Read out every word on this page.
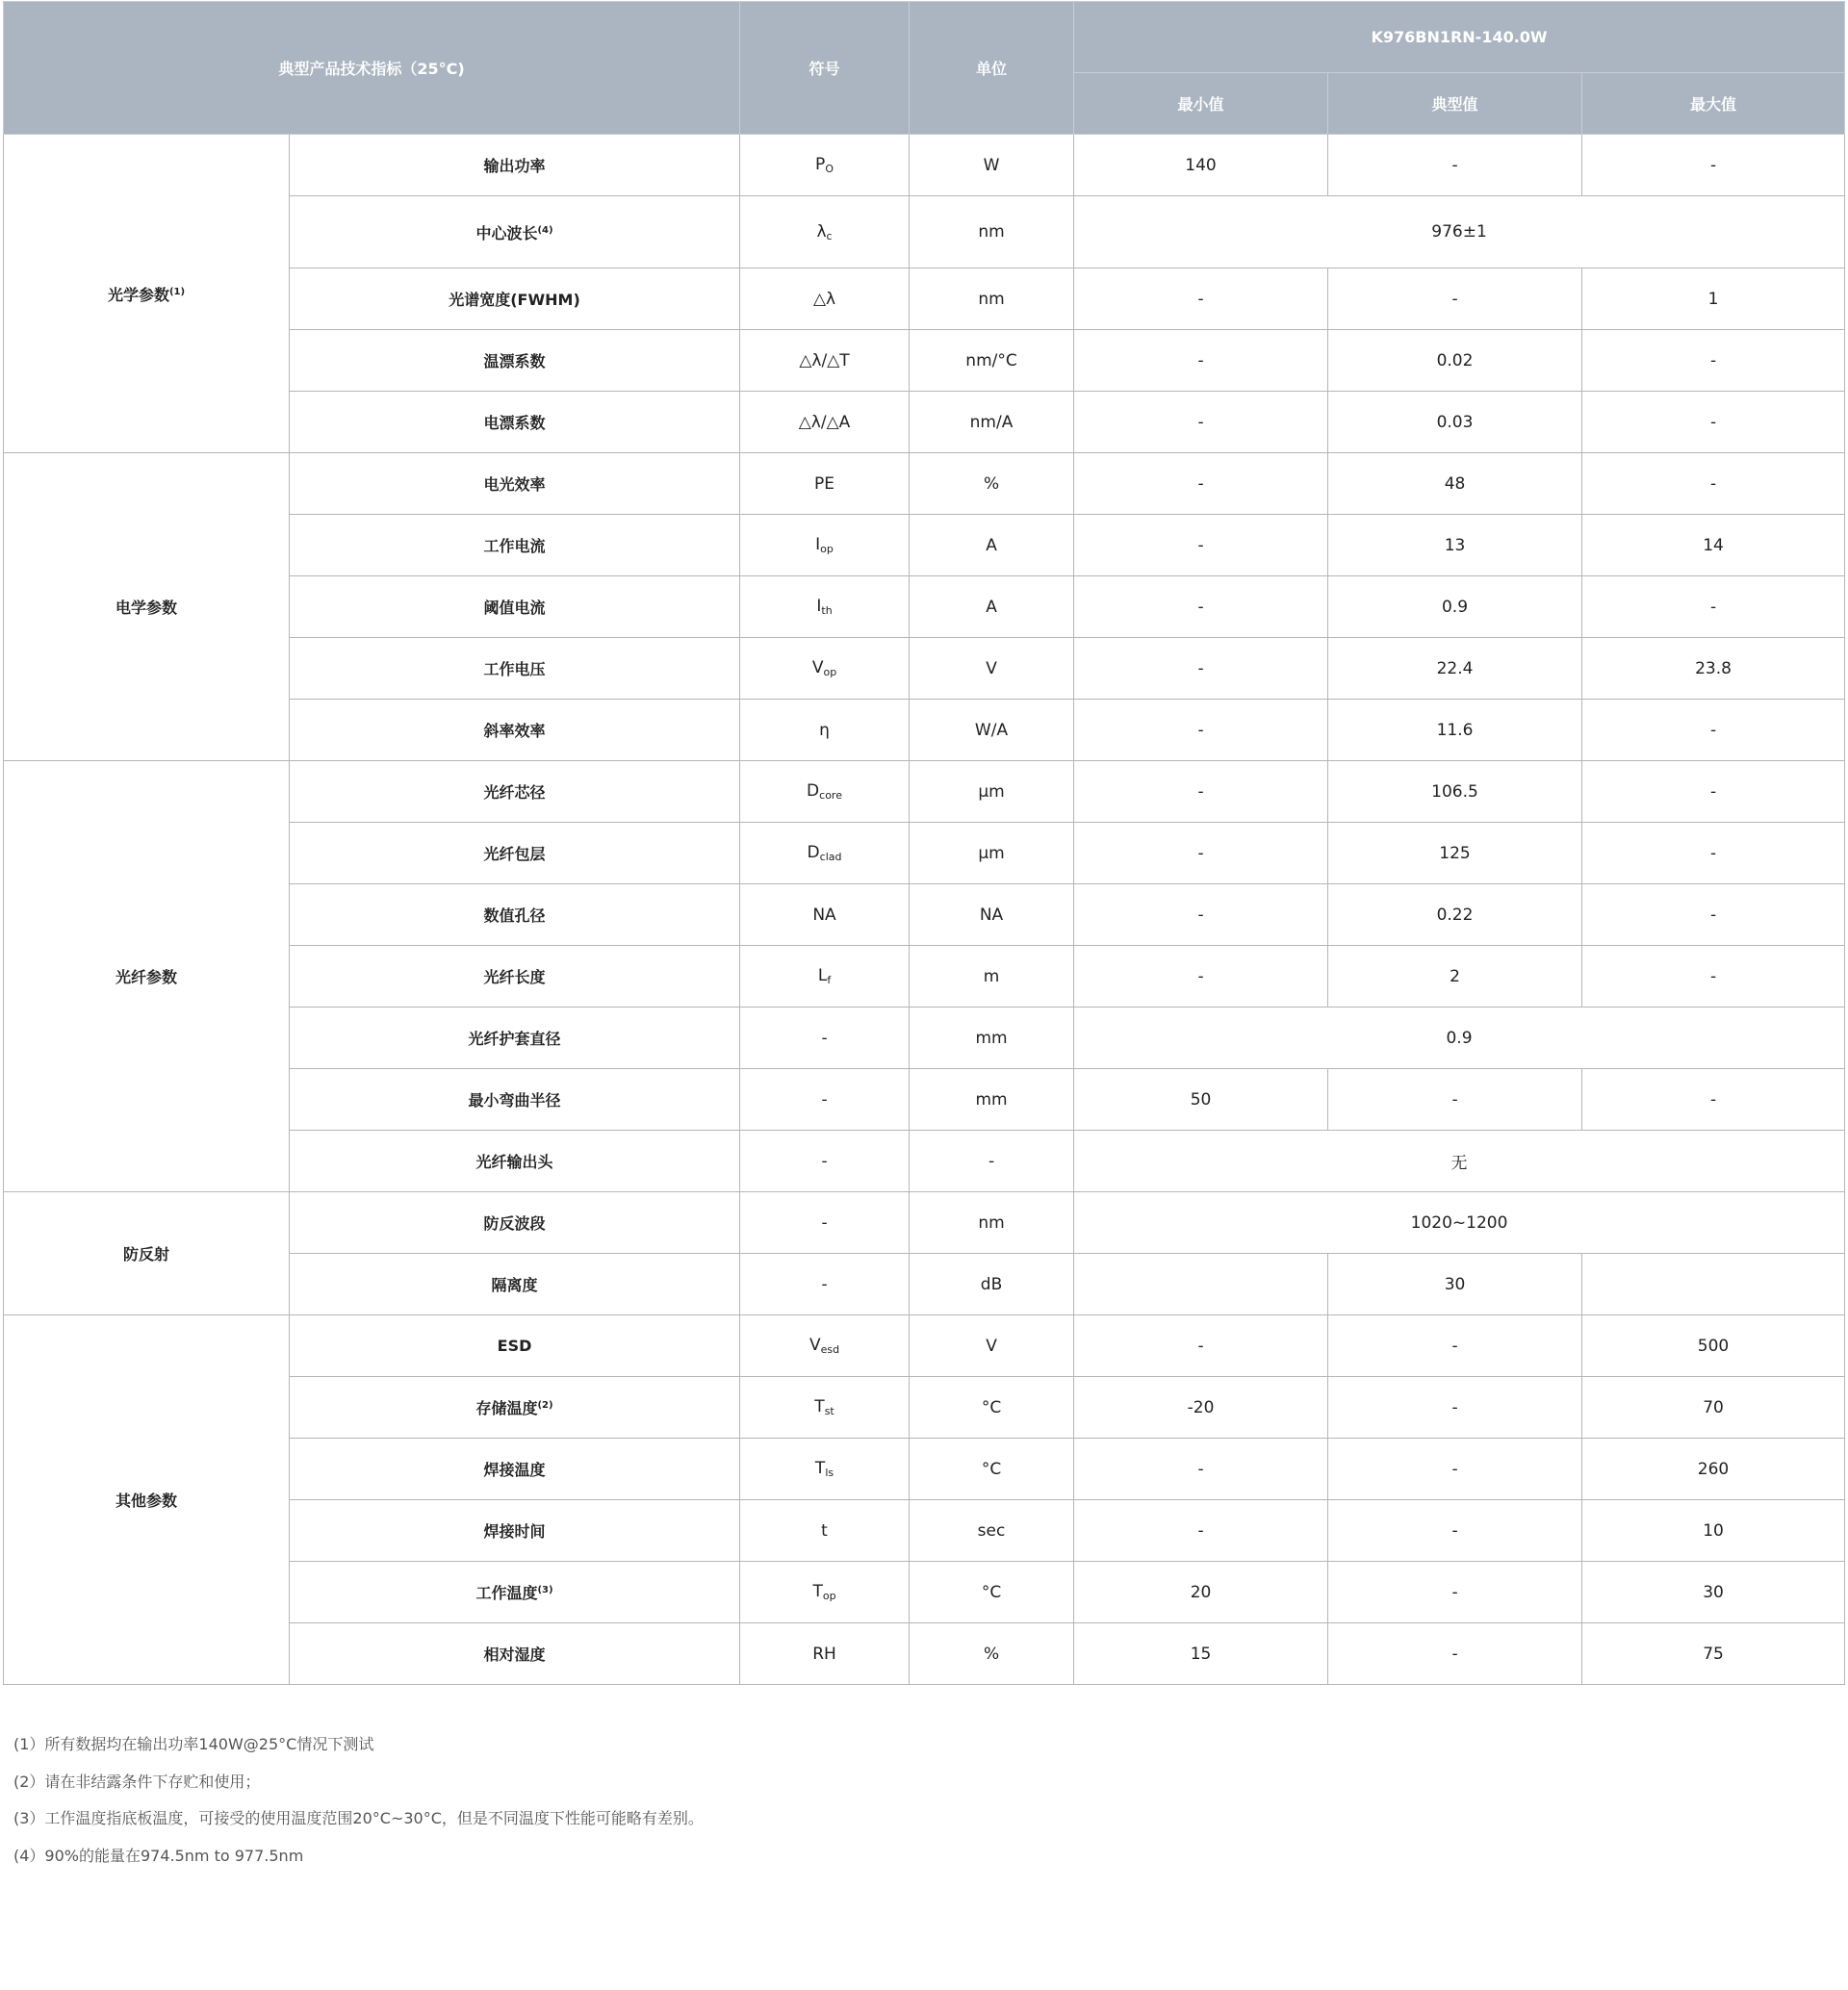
典型产品技术指标（25°C)		符号	单位	K976BN1RN-140.0W		
				最小值	典型值	最大值
光学参数$^{(1)}$	输出功率	$P_O$	W	140	-	-
	中心波长$^{(4)}$	$\lambda_c$	nm	976±1		
	光谱宽度(FWHM)	△λ	nm	-	-	1
	温漂系数	△λ/△T	nm/°C	-	0.02	-
	电漂系数	△λ/△A	nm/A	-	0.03	-
电学参数	电光效率	PE	%	-	48	-
	工作电流	$I_{op}$	A	-	13	14
	阈值电流	$I_{th}$	A	-	0.9	-
	工作电压	$V_{op}$	V	-	22.4	23.8
	斜率效率	η	W/A	-	11.6	-
光纤参数	光纤芯径	$D_{core}$	µm	-	106.5	-
	光纤包层	$D_{clad}$	µm	-	125	-
	数值孔径	NA	NA	-	0.22	-
	光纤长度	$L_f$	m	-	2	-
	光纤护套直径	-	mm	0.9		
	最小弯曲半径	-	mm	50	-	-
	光纤输出头	-	-	无		
防反射	防反波段	-	nm	1020~1200		
	隔离度	-	dB		30	
其他参数	ESD	$V_{esd}$	V	-	-	500
	存储温度$^{(2)}$	$T_{st}$	°C	-20	-	70
	焊接温度	$T_{ls}$	°C	-	-	260
	焊接时间	t	sec	-	-	10
	工作温度$^{(3)}$	$T_{op}$	°C	20	-	30
	相对湿度	RH	%	15	-	75
(1）所有数据均在输出功率140W@25°C情况下测试
(2）请在非结露条件下存贮和使用；
(3）工作温度指底板温度，可接受的使用温度范围20°C~30°C，但是不同温度下性能可能略有差别。
(4）90%的能量在974.5nm to 977.5nm
